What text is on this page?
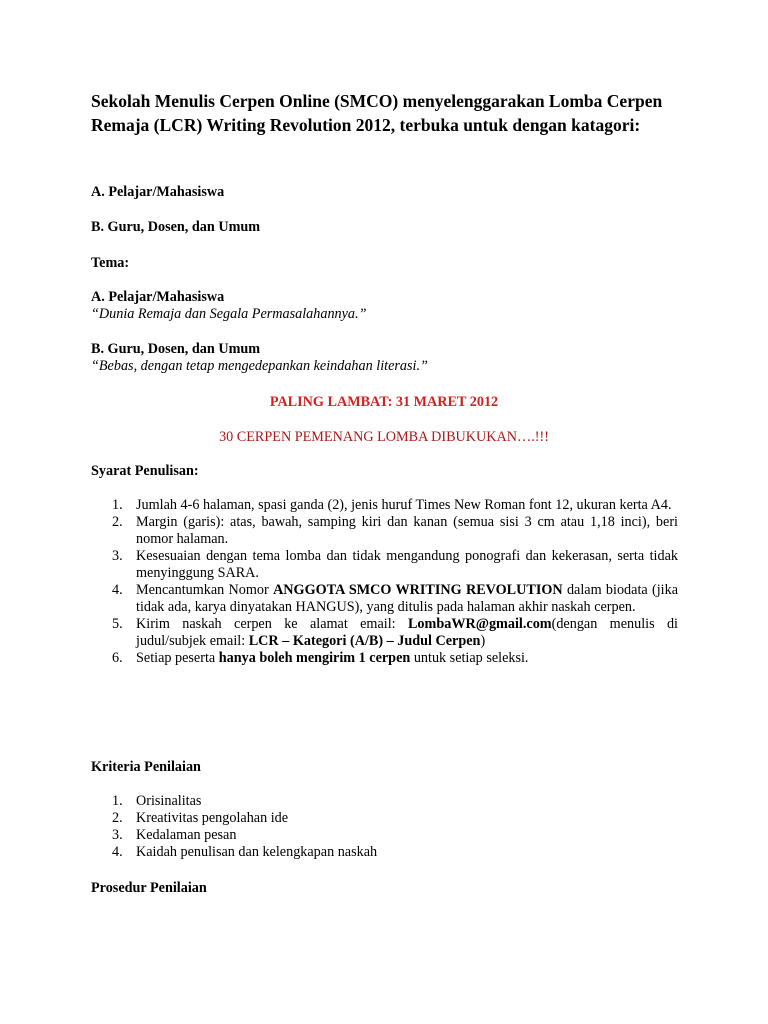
Sekolah Menulis Cerpen Online (SMCO) menyelenggarakan Lomba Cerpen
Remaja (LCR) Writing Revolution 2012, terbuka untuk dengan katagori:

A. Pelajar/Mahasiswa

B. Guru, Dosen, dan Umum

Tema:

A. Pelajar/Mahasiswa

“Dunia Remaja dan Segala Permasalahannya.”

B. Guru, Dosen, dan Umum

“Bebas, dengan tetap mengedepankan keindahan literasi.”

PALING LAMBAT: 31 MARET 2012

30 CERPEN PEMENANG LOMBA DIBUKUKAN….!!!

Syarat Penulisan:

1. Jumlah 4-6 halaman, spasi ganda (2), jenis huruf Times New Roman font 12, ukuran kerta A4.
2. Margin (garis): atas, bawah, samping kiri dan kanan (semua sisi 3 cm atau 1,18 inci), beri nomor halaman.
3. Kesesuaian dengan tema lomba dan tidak mengandung ponografi dan kekerasan, serta tidak menyinggung SARA.
4. Mencantumkan Nomor ANGGOTA SMCO WRITING REVOLUTION dalam biodata (jika tidak ada, karya dinyatakan HANGUS), yang ditulis pada halaman akhir naskah cerpen.
5. Kirim naskah cerpen ke alamat email: LombaWR@gmail.com(dengan menulis di judul/subjek email: LCR – Kategori (A/B) – Judul Cerpen)
6. Setiap peserta hanya boleh mengirim 1 cerpen untuk setiap seleksi.

Kriteria Penilaian

1. Orisinalitas
2. Kreativitas pengolahan ide
3. Kedalaman pesan
4. Kaidah penulisan dan kelengkapan naskah

Prosedur Penilaian
